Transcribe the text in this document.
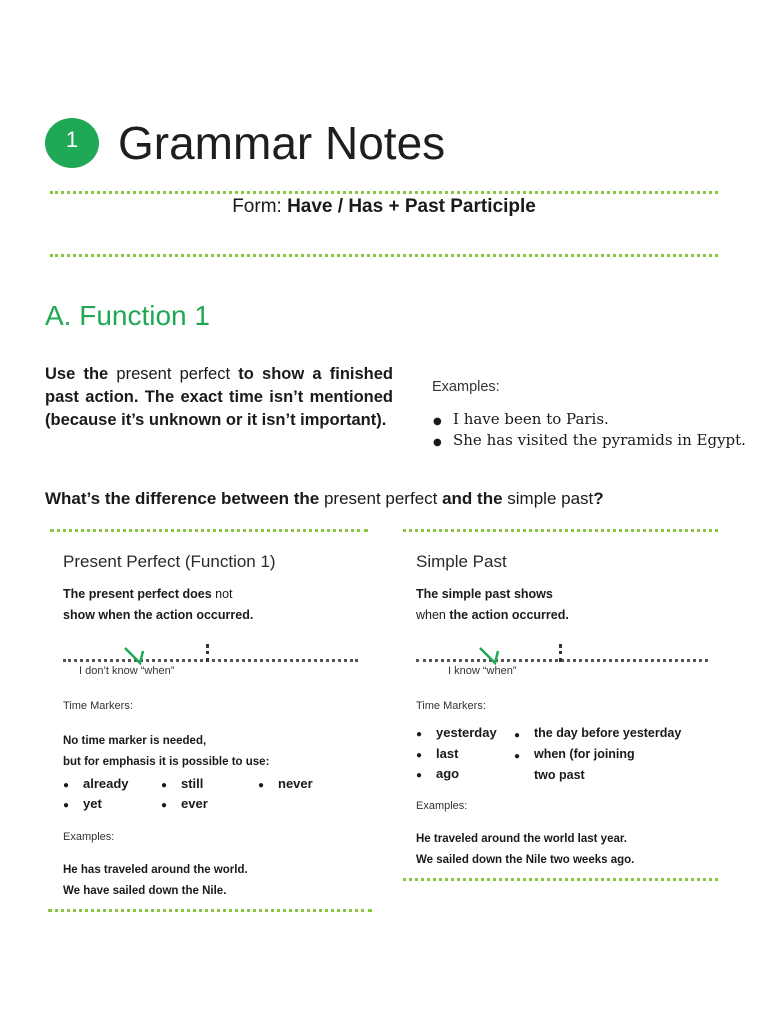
1 Grammar Notes
Form: Have / Has + Past Participle
A. Function 1
Use the present perfect to show a finished past action. The exact time isn’t mentioned (because it’s unknown or it isn’t important).
Examples:
● I have been to Paris.
● She has visited the pyramids in Egypt.
What’s the difference between the present perfect and the simple past?
Present Perfect (Function 1)
The present perfect does not
show when the action occurred.
I don’t know “when”
Time Markers:
No time marker is needed,
but for emphasis it is possible to use:
● already
● yet
● still
● ever
● never
Examples:
He has traveled around the world.
We have sailed down the Nile.
Simple Past
The simple past shows
when the action occurred.
I know “when”
Time Markers:
● yesterday
● last
● ago
● the day before yesterday
● when (for joining
two past
Examples:
He traveled around the world last year.
We sailed down the Nile two weeks ago.
